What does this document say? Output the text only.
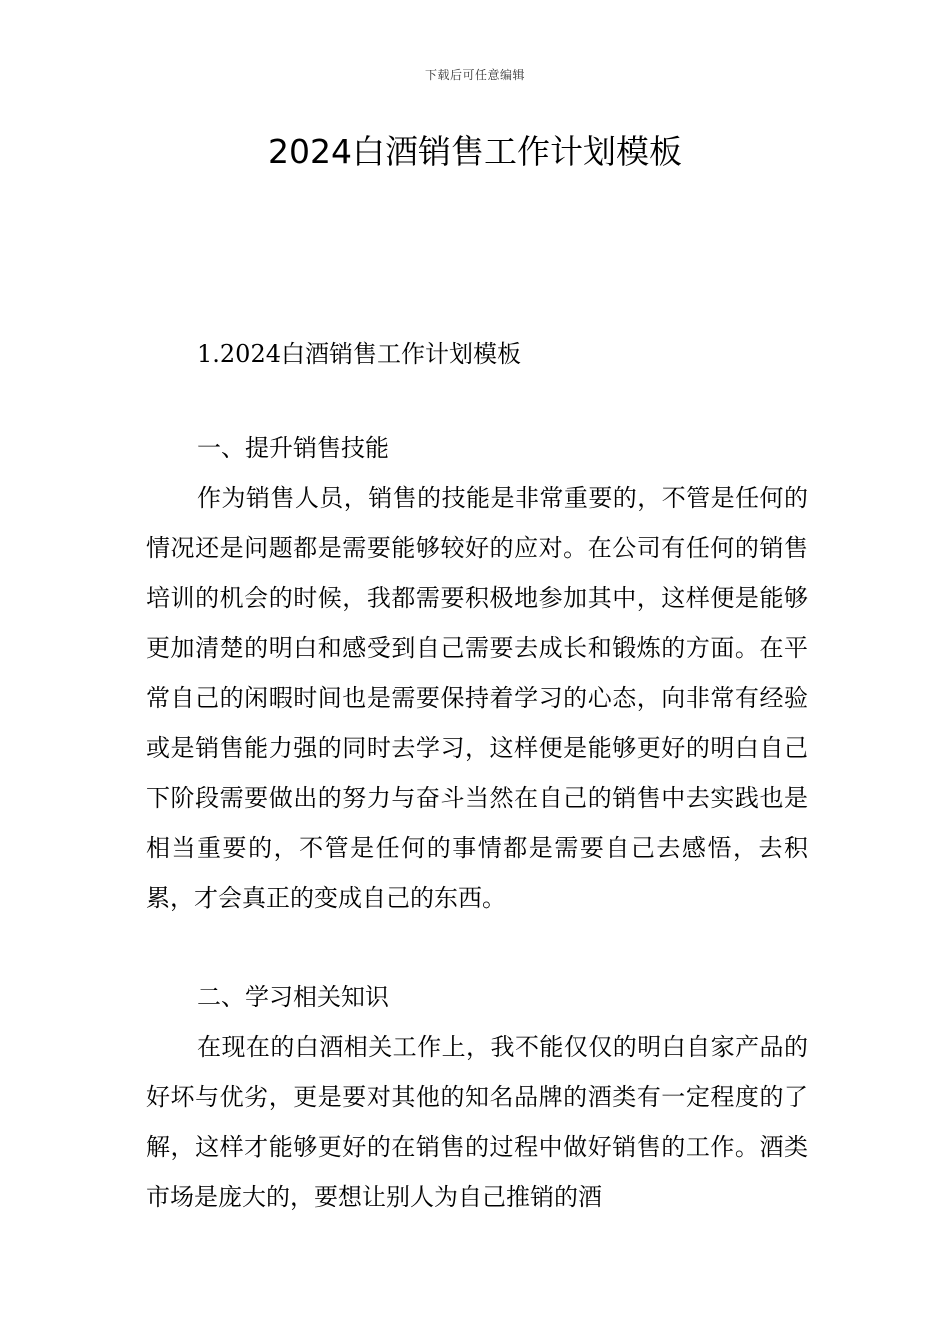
下载后可任意编辑
2024白酒销售工作计划模板

1.2024白酒销售工作计划模板

一、提升销售技能

作为销售人员，销售的技能是非常重要的，不管是任何的情况还是问题都是需要能够较好的应对。在公司有任何的销售培训的机会的时候，我都需要积极地参加其中，这样便是能够更加清楚的明白和感受到自己需要去成长和锻炼的方面。在平常自己的闲暇时间也是需要保持着学习的心态，向非常有经验或是销售能力强的同时去学习，这样便是能够更好的明白自己下阶段需要做出的努力与奋斗当然在自己的销售中去实践也是相当重要的，不管是任何的事情都是需要自己去感悟，去积累，才会真正的变成自己的东西。

二、学习相关知识

在现在的白酒相关工作上，我不能仅仅的明白自家产品的好坏与优劣，更是要对其他的知名品牌的酒类有一定程度的了解，这样才能够更好的在销售的过程中做好销售的工作。酒类市场是庞大的，要想让别人为自己推销的酒
